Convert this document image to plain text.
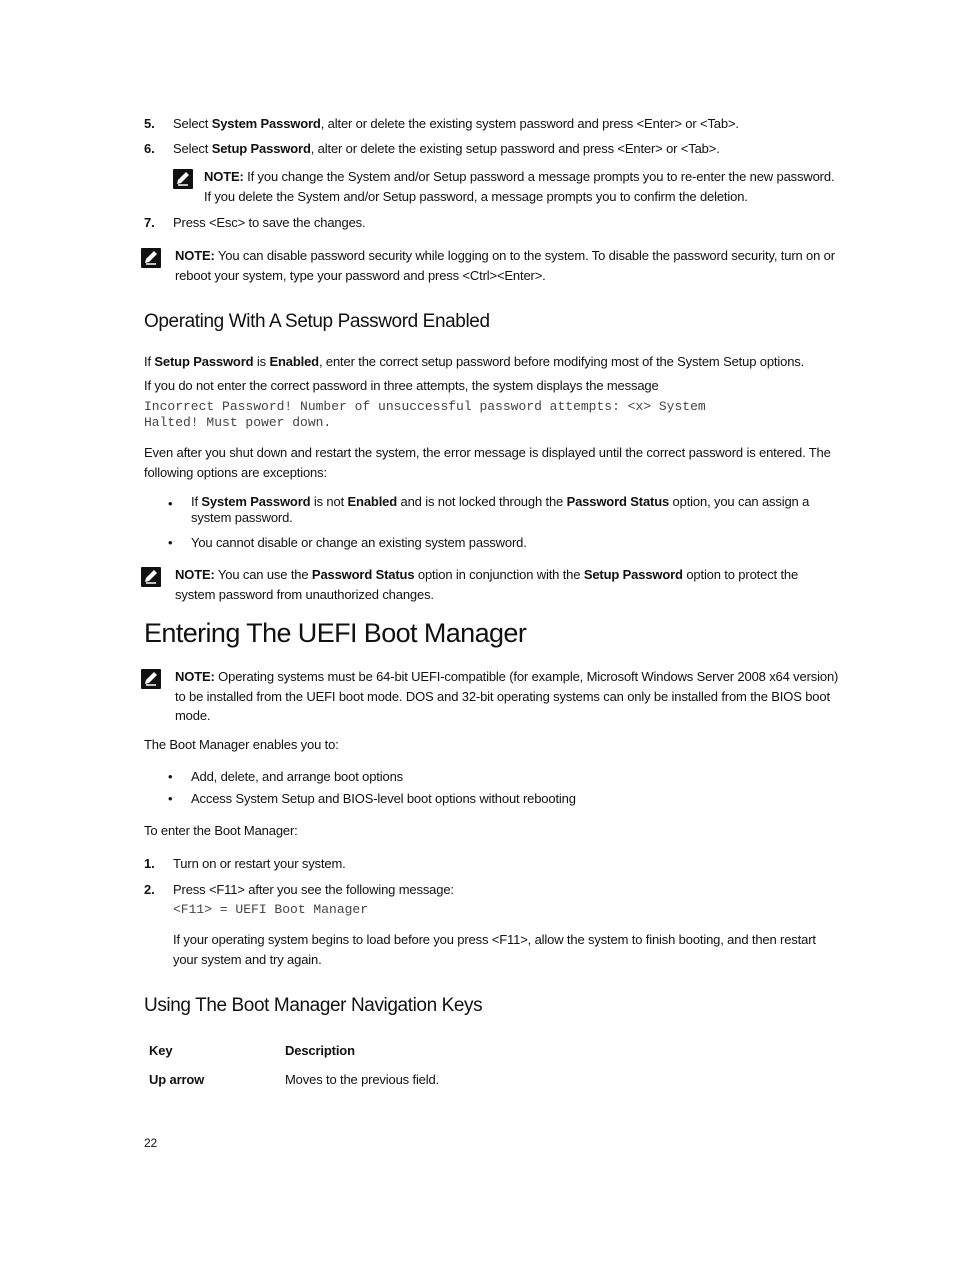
5. Select System Password, alter or delete the existing system password and press <Enter> or <Tab>.
6. Select Setup Password, alter or delete the existing setup password and press <Enter> or <Tab>.
NOTE: If you change the System and/or Setup password a message prompts you to re-enter the new password. If you delete the System and/or Setup password, a message prompts you to confirm the deletion.
7. Press <Esc> to save the changes.
NOTE: You can disable password security while logging on to the system. To disable the password security, turn on or reboot your system, type your password and press <Ctrl><Enter>.
Operating With A Setup Password Enabled
If Setup Password is Enabled, enter the correct setup password before modifying most of the System Setup options.
If you do not enter the correct password in three attempts, the system displays the message
Incorrect Password! Number of unsuccessful password attempts: <x> System
Halted! Must power down.
Even after you shut down and restart the system, the error message is displayed until the correct password is entered. The following options are exceptions:
• If System Password is not Enabled and is not locked through the Password Status option, you can assign a system password.
• You cannot disable or change an existing system password.
NOTE: You can use the Password Status option in conjunction with the Setup Password option to protect the system password from unauthorized changes.
Entering The UEFI Boot Manager
NOTE: Operating systems must be 64-bit UEFI-compatible (for example, Microsoft Windows Server 2008 x64 version) to be installed from the UEFI boot mode. DOS and 32-bit operating systems can only be installed from the BIOS boot mode.
The Boot Manager enables you to:
• Add, delete, and arrange boot options
• Access System Setup and BIOS-level boot options without rebooting
To enter the Boot Manager:
1. Turn on or restart your system.
2. Press <F11> after you see the following message:
<F11> = UEFI Boot Manager
If your operating system begins to load before you press <F11>, allow the system to finish booting, and then restart your system and try again.
Using The Boot Manager Navigation Keys
Key	Description
Up arrow	Moves to the previous field.
22
